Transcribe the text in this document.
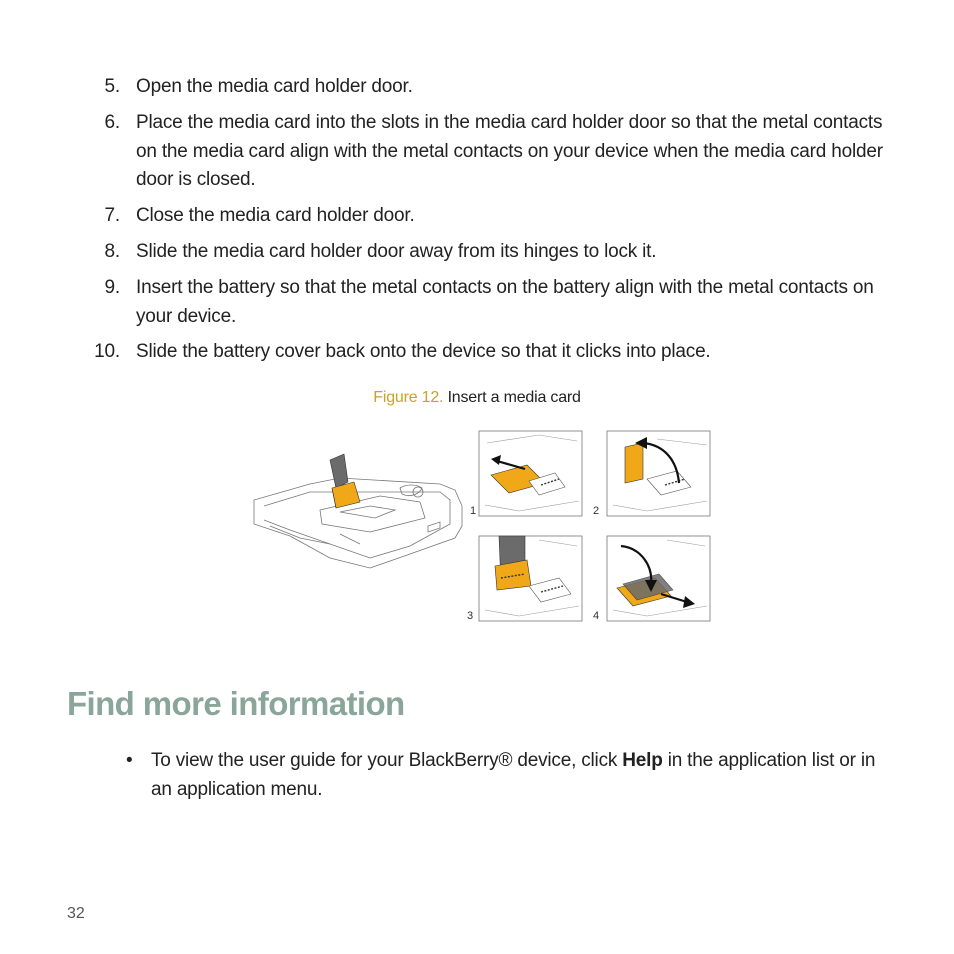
5. Open the media card holder door.
6. Place the media card into the slots in the media card holder door so that the metal contacts on the media card align with the metal contacts on your device when the media card holder door is closed.
7. Close the media card holder door.
8. Slide the media card holder door away from its hinges to lock it.
9. Insert the battery so that the metal contacts on the battery align with the metal contacts on your device.
10. Slide the battery cover back onto the device so that it clicks into place.
Figure 12. Insert a media card
1	2
3	4
Find more information
• To view the user guide for your BlackBerry® device, click Help in the application list or in an application menu.
32
